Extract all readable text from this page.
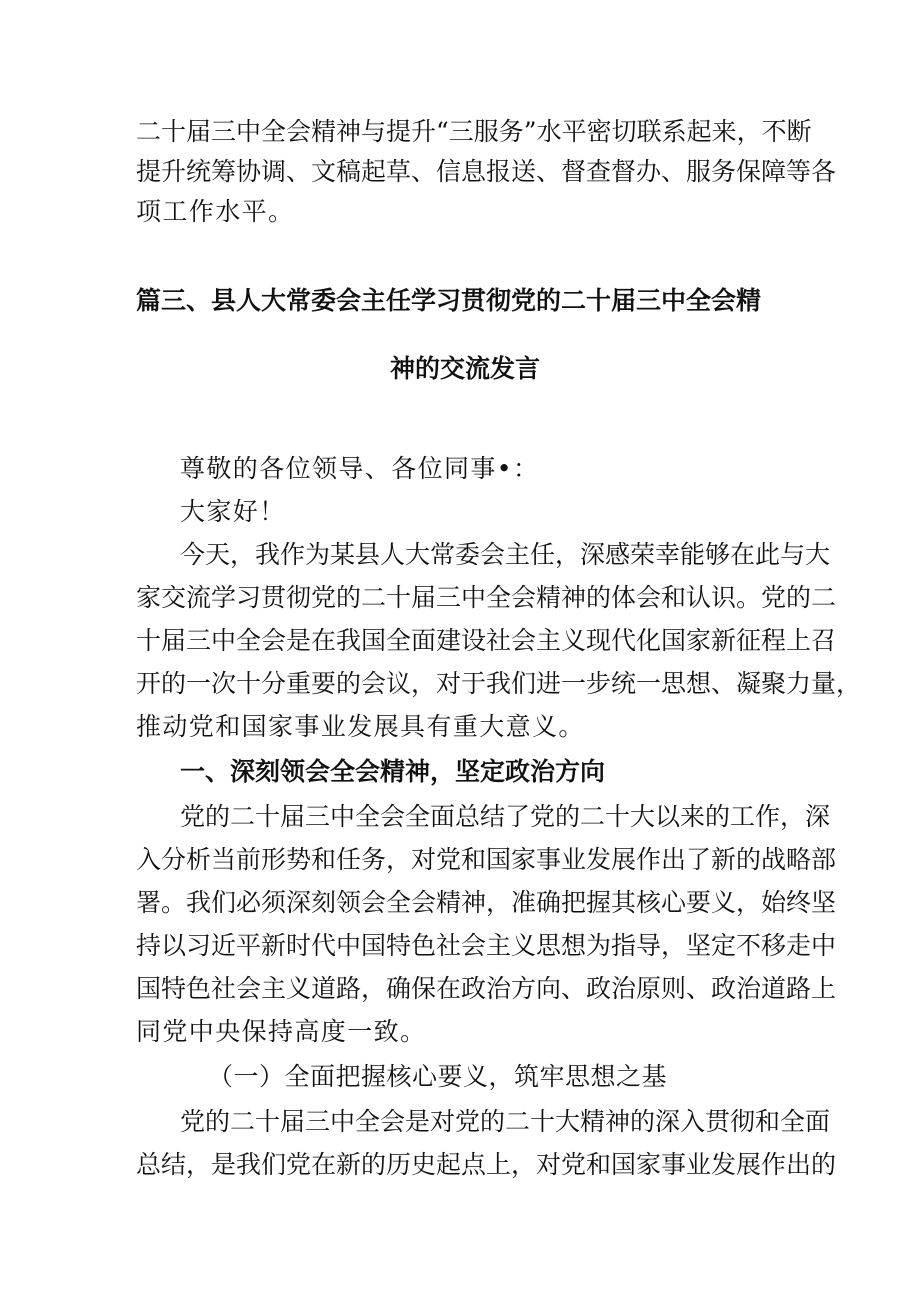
二十届三中全会精神与提升“三服务”水平密切联系起来，不断
提升统筹协调、文稿起草、信息报送、督查督办、服务保障等各
项工作水平。
篇三、县人大常委会主任学习贯彻党的二十届三中全会精
神的交流发言
尊敬的各位领导、各位同事•：
大家好！
今天，我作为某县人大常委会主任，深感荣幸能够在此与大
家交流学习贯彻党的二十届三中全会精神的体会和认识。党的二
十届三中全会是在我国全面建设社会主义现代化国家新征程上召
开的一次十分重要的会议，对于我们进一步统一思想、凝聚力量，
推动党和国家事业发展具有重大意义。
一、深刻领会全会精神，坚定政治方向
党的二十届三中全会全面总结了党的二十大以来的工作，深
入分析当前形势和任务，对党和国家事业发展作出了新的战略部
署。我们必须深刻领会全会精神，准确把握其核心要义，始终坚
持以习近平新时代中国特色社会主义思想为指导，坚定不移走中
国特色社会主义道路，确保在政治方向、政治原则、政治道路上
同党中央保持高度一致。
（一）全面把握核心要义，筑牢思想之基
党的二十届三中全会是对党的二十大精神的深入贯彻和全面
总结，是我们党在新的历史起点上，对党和国家事业发展作出的
